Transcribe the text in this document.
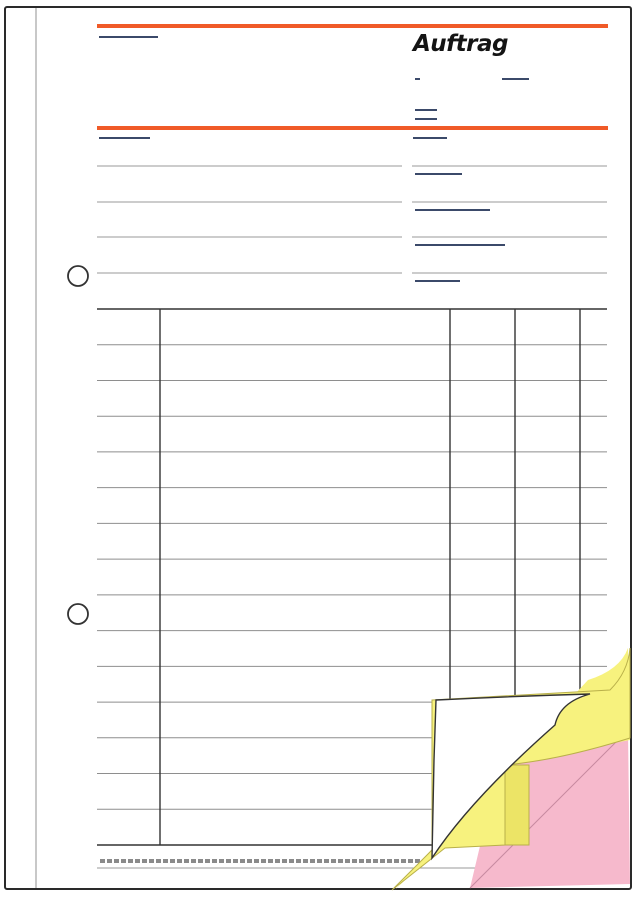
Auftrag
